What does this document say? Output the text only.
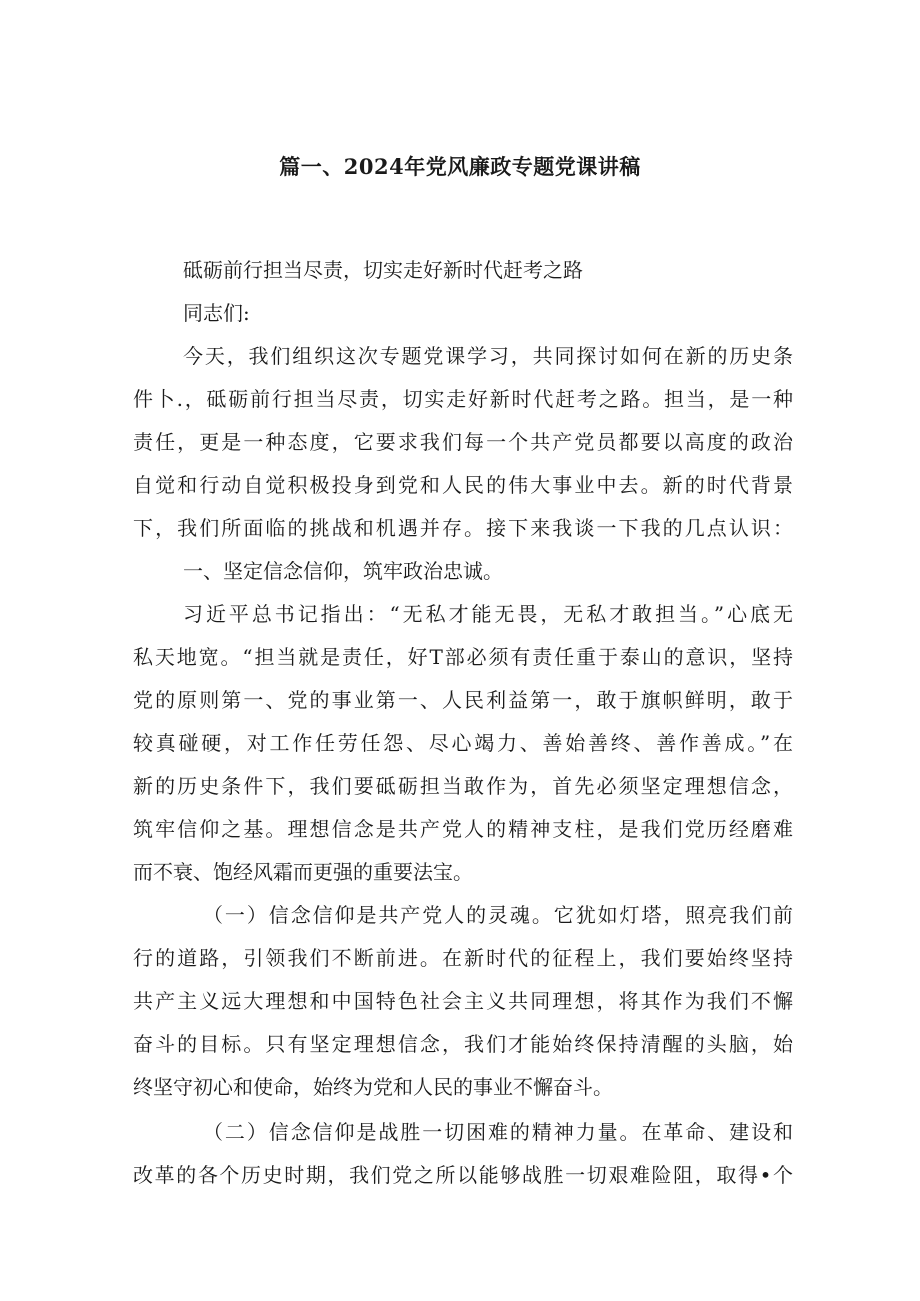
篇一、2024年党风廉政专题党课讲稿
砥砺前行担当尽责，切实走好新时代赶考之路
同志们:
今天，我们组织这次专题党课学习，共同探讨如何在新的历史条
件卜.，砥砺前行担当尽责，切实走好新时代赶考之路。担当，是一种
责任，更是一种态度，它要求我们每一个共产党员都要以高度的政治
自觉和行动自觉积极投身到党和人民的伟大事业中去。新的时代背景
下，我们所面临的挑战和机遇并存。接下来我谈一下我的几点认识：
一、坚定信念信仰，筑牢政治忠诚。
习近平总书记指出：“无私才能无畏，无私才敢担当。”心底无
私天地宽。“担当就是责任，好T部必须有责任重于泰山的意识，坚持
党的原则第一、党的事业第一、人民利益第一，敢于旗帜鲜明，敢于
较真碰硬，对工作任劳任怨、尽心竭力、善始善终、善作善成。”在
新的历史条件下，我们要砥砺担当敢作为，首先必须坚定理想信念，
筑牢信仰之基。理想信念是共产党人的精神支柱，是我们党历经磨难
而不衰、饱经风霜而更强的重要法宝。
（一）信念信仰是共产党人的灵魂。它犹如灯塔，照亮我们前
行的道路，引领我们不断前进。在新时代的征程上，我们要始终坚持
共产主义远大理想和中国特色社会主义共同理想，将其作为我们不懈
奋斗的目标。只有坚定理想信念，我们才能始终保持清醒的头脑，始
终坚守初心和使命，始终为党和人民的事业不懈奋斗。
（二）信念信仰是战胜一切困难的精神力量。在革命、建设和
改革的各个历史时期，我们党之所以能够战胜一切艰难险阻，取得•个
